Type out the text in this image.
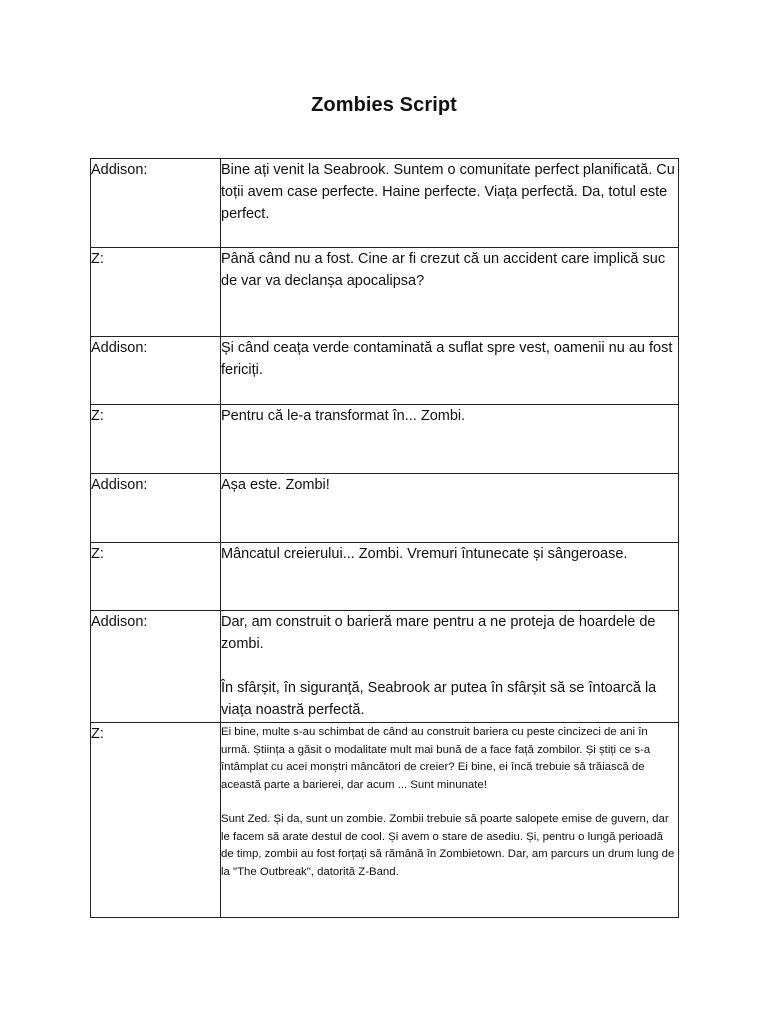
Zombies Script
Addison:	Bine ați venit la Seabrook. Suntem o comunitate perfect planificată. Cu toții avem case perfecte. Haine perfecte. Viața perfectă. Da, totul este perfect.

Z:	Până când nu a fost. Cine ar fi crezut că un accident care implică suc de var va declanșa apocalipsa?

Addison:	Și când ceața verde contaminată a suflat spre vest, oamenii nu au fost fericiți.

Z:	Pentru că le-a transformat în... Zombi.

Addison:	Așa este. Zombi!

Z:	Mâncatul creierului... Zombi. Vremuri întunecate și sângeroase.

Addison:	Dar, am construit o barieră mare pentru a ne proteja de hoardele de zombi.

În sfârșit, în siguranță, Seabrook ar putea în sfârșit să se întoarcă la viața noastră perfectă.

Z:	Ei bine, multe s-au schimbat de când au construit bariera cu peste cincizeci de ani în urmă. Știința a găsit o modalitate mult mai bună de a face față zombilor. Și știți ce s-a întâmplat cu acei monștri mâncători de creier? Ei bine, ei încă trebuie să trăiască de această parte a barierei, dar acum ... Sunt minunate!

Sunt Zed. Și da, sunt un zombie. Zombii trebuie să poarte salopete emise de guvern, dar le facem să arate destul de cool. Și avem o stare de asediu. Și, pentru o lungă perioadă de timp, zombii au fost forțați să rămână în Zombietown. Dar, am parcurs un drum lung de la "The Outbreak", datorită Z-Band.
